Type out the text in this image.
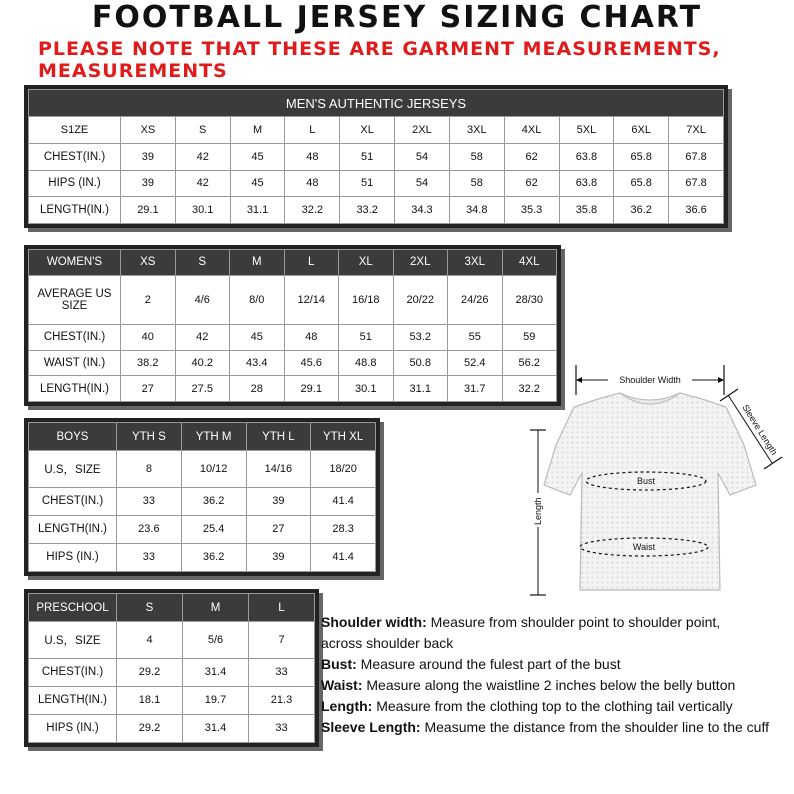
FOOTBALL JERSEY SIZING CHART
PLEASE NOTE THAT THESE ARE GARMENT MEASUREMENTS,
MEASUREMENTS
MEN'S AUTHENTIC JERSEYS											
S1ZE	XS	S	M	L	XL	2XL	3XL	4XL	5XL	6XL	7XL
CHEST(IN.)	39	42	45	48	51	54	58	62	63.8	65.8	67.8
HIPS (IN.)	39	42	45	48	51	54	58	62	63.8	65.8	67.8
LENGTH(IN.)	29.1	30.1	31.1	32.2	33.2	34.3	34.8	35.3	35.8	36.2	36.6
WOMEN'S	XS	S	M	L	XL	2XL	3XL	4XL
AVERAGE US SIZE	2	4/6	8/0	12/14	16/18	20/22	24/26	28/30
CHEST(IN.)	40	42	45	48	51	53.2	55	59
WAIST (IN.)	38.2	40.2	43.4	45.6	48.8	50.8	52.4	56.2
LENGTH(IN.)	27	27.5	28	29.1	30.1	31.1	31.7	32.2
BOYS	YTH S	YTH M	YTH L	YTH XL
U.S，SIZE	8	10/12	14/16	18/20
CHEST(IN.)	33	36.2	39	41.4
LENGTH(IN.)	23.6	25.4	27	28.3
HIPS (IN.)	33	36.2	39	41.4
PRESCHOOL	S	M	L
U.S，SIZE	4	5/6	7
CHEST(IN.)	29.2	31.4	33
LENGTH(IN.)	18.1	19.7	21.3
HIPS (IN.)	29.2	31.4	33
Shoulder Width
Sleeve Length
Length
Bust
Waist
Shoulder width: Measure from shoulder point to shoulder point,
across shoulder back
Bust: Measure around the fulest part of the bust
Waist: Measure along the waistline 2 inches below the belly button
Length: Measure from the clothing top to the clothing tail vertically
Sleeve Length: Measume the distance from the shoulder line to the cuff
